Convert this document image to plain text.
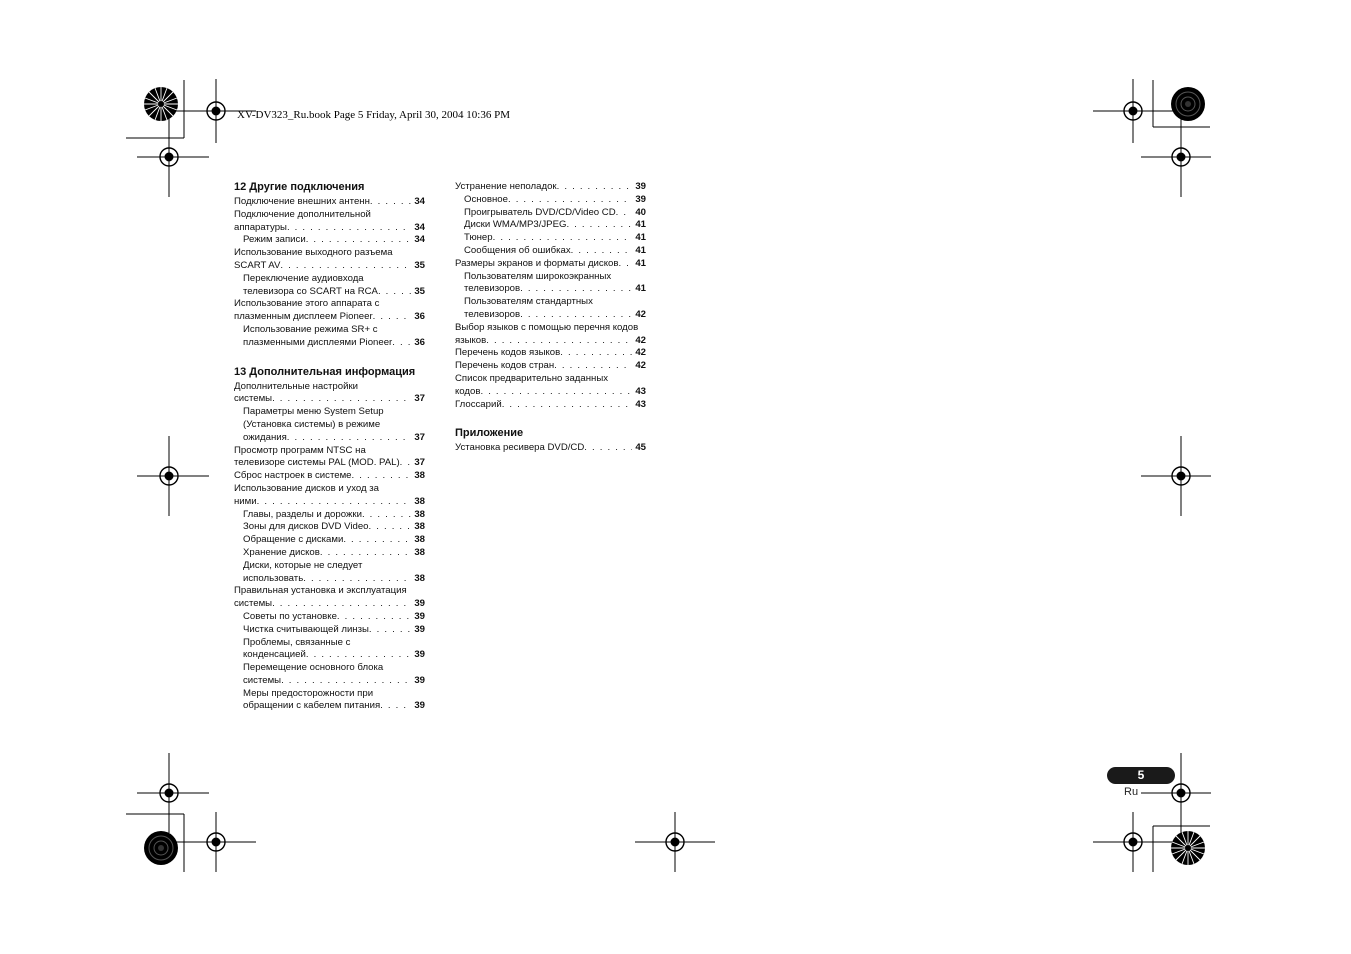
XV-DV323_Ru.book Page 5 Friday, April 30, 2004 10:36 PM
12 Другие подключения
Подключение внешних антенн . . .	34
Подключение дополнительной
аппаратуры . . .	34
Режим записи . . .	34
Использование выходного разъема
SCART AV . . .	35
Переключение аудиовхода
телевизора со SCART на RCA . . .	35
Использование этого аппарата с
плазменным дисплеем Pioneer . . .	36
Использование режима SR+ с
плазменными дисплеями Pioneer . . .	36
13 Дополнительная информация
Дополнительные настройки
системы . . .	37
Параметры меню System Setup
(Установка системы) в режиме
ожидания . . .	37
Просмотр программ NTSC на
телевизоре системы PAL (MOD. PAL) . . .	37
Сброс настроек в системе . . .	38
Использование дисков и уход за
ними . . .	38
Главы, разделы и дорожки . . .	38
Зоны для дисков DVD Video . . .	38
Обращение с дисками . . .	38
Хранение дисков . . .	38
Диски, которые не следует
использовать . . .	38
Правильная установка и эксплуатация
системы . . .	39
Советы по установке . . .	39
Чистка считывающей линзы . . .	39
Проблемы, связанные с
конденсацией . . .	39
Перемещение основного блока
системы . . .	39
Меры предосторожности при
обращении с кабелем питания . . .	39
Устранение неполадок . . .	39
Основное . . .	39
Проигрыватель DVD/CD/Video CD . . .	40
Диски WMA/MP3/JPEG . . .	41
Тюнер . . .	41
Сообщения об ошибках . . .	41
Размеры экранов и форматы дисков . . .	41
Пользователям широкоэкранных
телевизоров . . .	41
Пользователям стандартных
телевизоров . . .	42
Выбор языков с помощью перечня кодов
языков . . .	42
Перечень кодов языков . . .	42
Перечень кодов стран . . .	42
Список предварительно заданных
кодов . . .	43
Глоссарий . . .	43
Приложение
Установка ресивера DVD/CD . . .	45
5
Ru
